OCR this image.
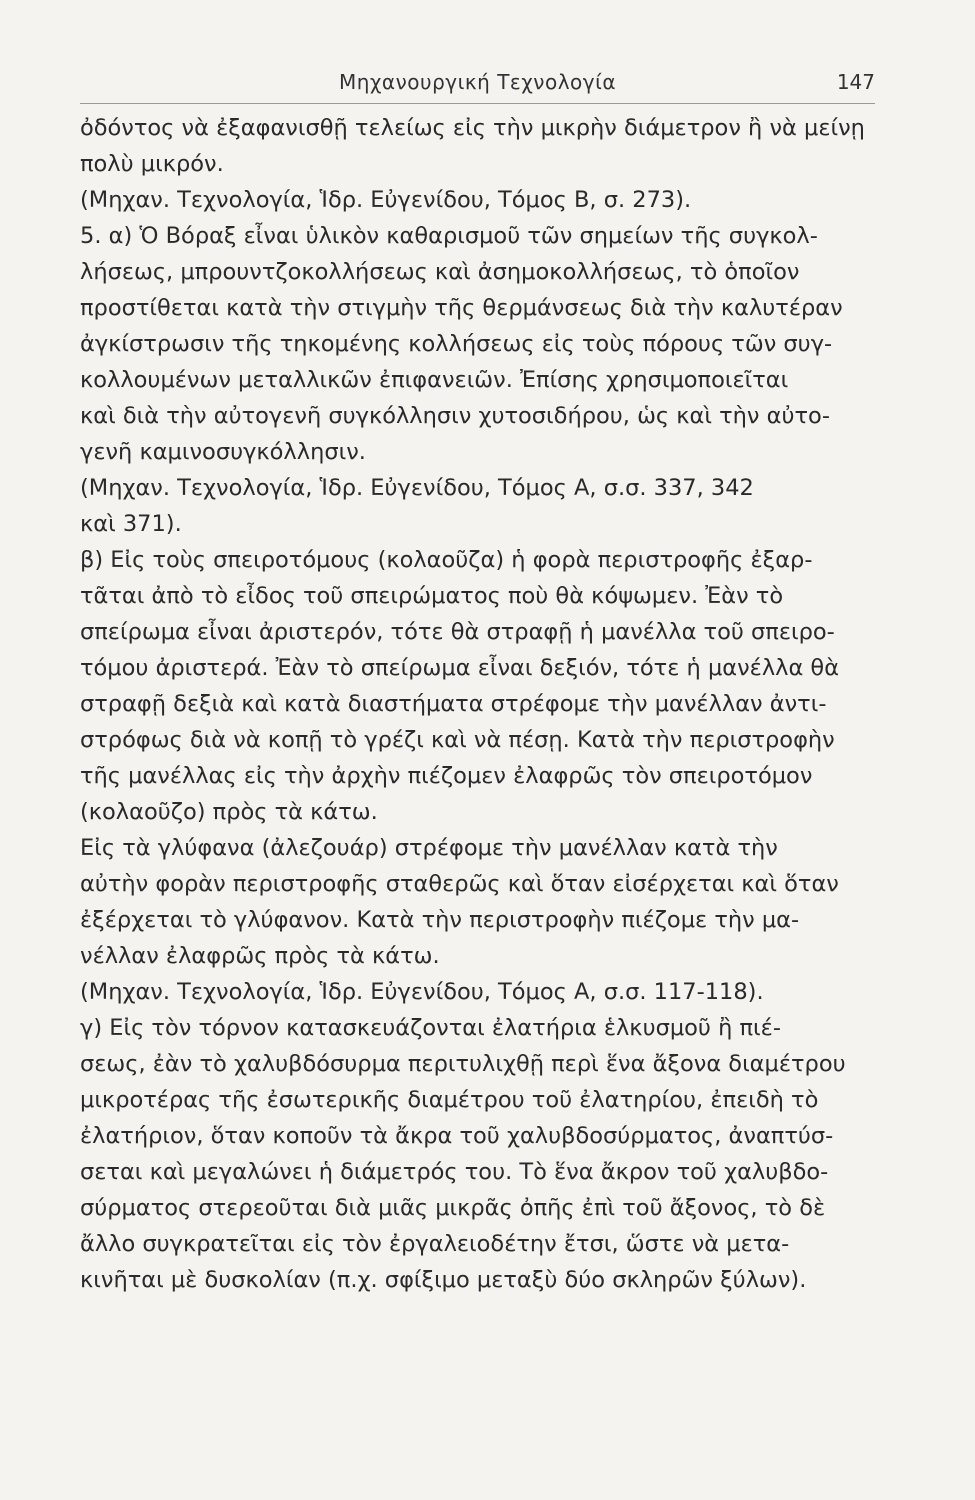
Μηχανουργική Τεχνολογία	147
ὀδόντος νὰ ἐξαφανισθῇ τελείως εἰς τὴν μικρὴν διάμετρον ἢ νὰ μείνῃ
πολὺ μικρόν.
(Μηχαν. Τεχνολογία, Ἱδρ. Εὐγενίδου, Τόμος Β, σ. 273).
5. α) Ὁ Βόραξ εἶναι ὑλικὸν καθαρισμοῦ τῶν σημείων τῆς συγκολ-
λήσεως, μπρουντζοκολλήσεως καὶ ἀσημοκολλήσεως, τὸ ὁποῖον
προστίθεται κατὰ τὴν στιγμὴν τῆς θερμάνσεως διὰ τὴν καλυτέραν
ἀγκίστρωσιν τῆς τηκομένης κολλήσεως εἰς τοὺς πόρους τῶν συγ-
κολλουμένων μεταλλικῶν ἐπιφανειῶν. Ἐπίσης χρησιμοποιεῖται
καὶ διὰ τὴν αὐτογενῆ συγκόλλησιν χυτοσιδήρου, ὡς καὶ τὴν αὐτο-
γενῆ καμινοσυγκόλλησιν.
(Μηχαν. Τεχνολογία, Ἱδρ. Εὐγενίδου, Τόμος Α, σ.σ. 337, 342
καὶ 371).
β) Εἰς τοὺς σπειροτόμους (κολαοῦζα) ἡ φορὰ περιστροφῆς ἐξαρ-
τᾶται ἀπὸ τὸ εἶδος τοῦ σπειρώματος ποὺ θὰ κόψωμεν. Ἐὰν τὸ
σπείρωμα εἶναι ἀριστερόν, τότε θὰ στραφῇ ἡ μανέλλα τοῦ σπειρο-
τόμου ἀριστερά. Ἐὰν τὸ σπείρωμα εἶναι δεξιόν, τότε ἡ μανέλλα θὰ
στραφῇ δεξιὰ καὶ κατὰ διαστήματα στρέφομε τὴν μανέλλαν ἀντι-
στρόφως διὰ νὰ κοπῇ τὸ γρέζι καὶ νὰ πέσῃ. Κατὰ τὴν περιστροφὴν
τῆς μανέλλας εἰς τὴν ἀρχὴν πιέζομεν ἐλαφρῶς τὸν σπειροτόμον
(κολαοῦζο) πρὸς τὰ κάτω.
Εἰς τὰ γλύφανα (ἀλεζουάρ) στρέφομε τὴν μανέλλαν κατὰ τὴν
αὐτὴν φορὰν περιστροφῆς σταθερῶς καὶ ὅταν εἰσέρχεται καὶ ὅταν
ἐξέρχεται τὸ γλύφανον. Κατὰ τὴν περιστροφὴν πιέζομε τὴν μα-
νέλλαν ἐλαφρῶς πρὸς τὰ κάτω.
(Μηχαν. Τεχνολογία, Ἱδρ. Εὐγενίδου, Τόμος Α, σ.σ. 117-118).
γ) Εἰς τὸν τόρνον κατασκευάζονται ἐλατήρια ἑλκυσμοῦ ἢ πιέ-
σεως, ἐὰν τὸ χαλυβδόσυρμα περιτυλιχθῇ περὶ ἕνα ἄξονα διαμέτρου
μικροτέρας τῆς ἐσωτερικῆς διαμέτρου τοῦ ἐλατηρίου, ἐπειδὴ τὸ
ἐλατήριον, ὅταν κοποῦν τὰ ἄκρα τοῦ χαλυβδοσύρματος, ἀναπτύσ-
σεται καὶ μεγαλώνει ἡ διάμετρός του. Τὸ ἕνα ἄκρον τοῦ χαλυβδο-
σύρματος στερεοῦται διὰ μιᾶς μικρᾶς ὀπῆς ἐπὶ τοῦ ἄξονος, τὸ δὲ
ἄλλο συγκρατεῖται εἰς τὸν ἐργαλειοδέτην ἔτσι, ὥστε νὰ μετα-
κινῆται μὲ δυσκολίαν (π.χ. σφίξιμο μεταξὺ δύο σκληρῶν ξύλων).
